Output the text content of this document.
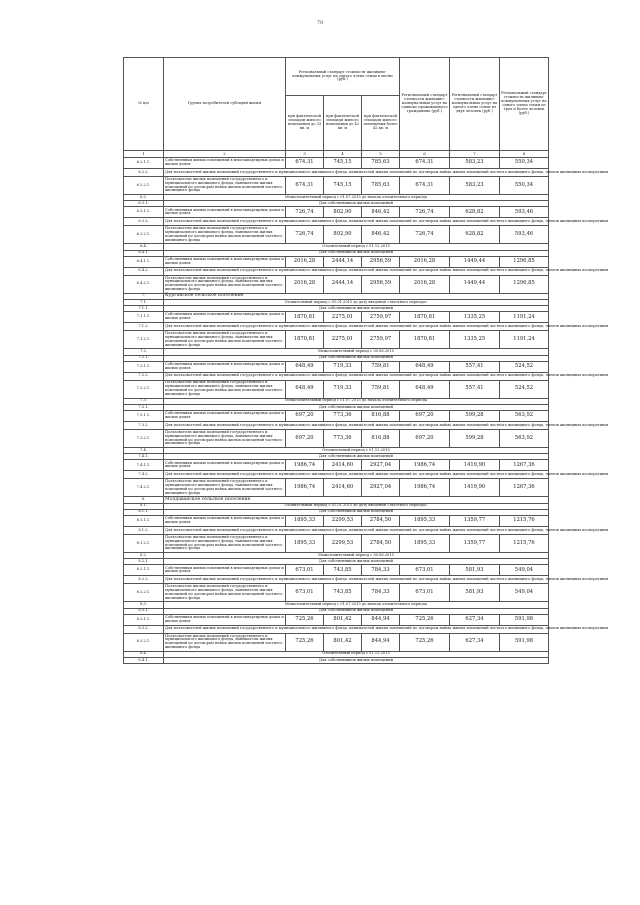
70
№ п/п	Группа потребителей субсидий жилья	Региональный стандарт стоимости жилищно-коммунальных услуг на одного члена семьи в месяц (руб.)			Региональный стандарт стоимости жилищно-коммунальных услуг на одиноко проживающего гражданина (руб.)	Региональный стандарт стоимости жилищно-коммунальных услуг на одного члена семьи из двух человек (руб.)	Региональный стандарт стоимости жилищно-коммунальных услуг на одного члена семьи из трех и более человек (руб.)
		при фактической площади жилого помещения до 33 кв. м	при фактической площади жилого помещения до 42 кв. м	при фактической площади жилого помещения более 42 кв. м			
1	2	3	4	5	6	7	8
6.2.1.1.	Собственники жилых помещений в многоквартирных домах и жилых домов	674,31	745,15	785,63	674,31	583,23	550,34
6.2.2.	Для пользователей жилых помещений государственного и муниципального жилищного фонда, нанимателей жилых помещений по договорам найма жилых помещений частного жилищного фонда, членов жилищных кооперативов						
6.2.2.1.	Пользователи жилых помещений государственного и муниципального жилищного фонда, наниматели жилых помещений по договорам найма жилых помещений частного жилищного фонда	674,31	745,15	785,63	674,31	583,23	550,34
6.3.	Межотопительный период с 01.07.2015 до начала отопительного периода						
6.3.1.	Для собственников жилых помещений						
6.3.1.1.	Собственники жилых помещений в многоквартирных домах и жилых домов	726,74	802,90	846,42	726,74	628,82	593,46
6.3.2.	Для пользователей жилых помещений государственного и муниципального жилищного фонда, нанимателей жилых помещений по договорам найма жилых помещений частного жилищного фонда, членов жилищных кооперативов						
6.3.2.1.	Пользователи жилых помещений государственного и муниципального жилищного фонда, наниматели жилых помещений по договорам найма жилых помещений частного жилищного фонда	726,74	802,90	846,42	726,74	628,82	593,46
6.4.	Отопительный период с 01.12.2015						
6.4.1.	Для собственников жилых помещений						
6.4.1.1.	Собственники жилых помещений в многоквартирных домах и жилых домов	2016,28	2444,14	2956,59	2016,28	1449,44	1296,85
6.4.2.	Для пользователей жилых помещений государственного и муниципального жилищного фонда, нанимателей жилых помещений по договорам найма жилых помещений частного жилищного фонда, членов жилищных кооперативов						
6.4.2.1.	Пользователи жилых помещений государственного и муниципального жилищного фонда, наниматели жилых помещений по договорам найма жилых помещений частного жилищного фонда	2016,28	2444,14	2956,59	2016,28	1449,44	1296,85
7.	Курганское сельское поселение						
7.1.	Отопительный период с 01.01.2015 до дату введения «льготного периода»						
7.1.1.	Для собственников жилых помещений						
7.1.1.1.	Собственники жилых помещений в многоквартирных домах и жилых домов	1870,81	2275,01	2759,97	1870,81	1335,25	1191,24
7.1.2.	Для пользователей жилых помещений государственного и муниципального жилищного фонда, нанимателей жилых помещений по договорам найма жилых помещений частного жилищного фонда, членов жилищных кооперативов						
7.1.2.1.	Пользователи жилых помещений государственного и муниципального жилищного фонда, наниматели жилых помещений по договорам найма жилых помещений частного жилищного фонда	1870,81	2275,01	2759,97	1870,81	1335,25	1191,24
7.2.	Межотопительный период с 30.06.2015						
7.2.1.	Для собственников жилых помещений						
7.2.1.1.	Собственники жилых помещений в многоквартирных домах и жилых домов	648,49	719,33	759,81	648,49	557,41	524,52
7.2.2.	Для пользователей жилых помещений государственного и муниципального жилищного фонда, нанимателей жилых помещений по договорам найма жилых помещений частного жилищного фонда, членов жилищных кооперативов						
7.2.2.1.	Пользователи жилых помещений государственного и муниципального жилищного фонда, наниматели жилых помещений по договорам найма жилых помещений частного жилищного фонда	648,49	719,33	759,81	648,49	557,41	524,52
7.3.	Межотопительный период с 01.07.2015 до начала отопительного периода						
7.3.1.	Для собственников жилых помещений						
7.3.1.1.	Собственники жилых помещений в многоквартирных домах и жилых домов	697,20	773,36	816,88	697,20	599,28	563,92
7.3.2.	Для пользователей жилых помещений государственного и муниципального жилищного фонда, нанимателей жилых помещений по договорам найма жилых помещений частного жилищного фонда, членов жилищных кооперативов						
7.3.2.1.	Пользователи жилых помещений государственного и муниципального жилищного фонда, наниматели жилых помещений по договорам найма жилых помещений частного жилищного фонда	697,20	773,36	816,88	697,20	599,28	563,92
7.4.	Отопительный период с 01.12.2015						
7.4.1.	Для собственников жилых помещений						
7.4.1.1.	Собственники жилых помещений в многоквартирных домах и жилых домов	1986,74	2414,60	2927,04	1986,74	1419,90	1267,36
7.4.2.	Для пользователей жилых помещений государственного и муниципального жилищного фонда, нанимателей жилых помещений по договорам найма жилых помещений частного жилищного фонда, членов жилищных кооперативов						
7.4.2.1.	Пользователи жилых помещений государственного и муниципального жилищного фонда, наниматели жилых помещений по договорам найма жилых помещений частного жилищного фонда	1986,74	2414,60	2927,04	1986,74	1419,90	1267,36
8.	Молдаванское сельское поселение						
8.1.	Отопительный период с 01.01.2015 до дату введения «льготного периода»						
8.1.1.	Для собственников жилых помещений						
8.1.1.1.	Собственники жилых помещений в многоквартирных домах и жилых домов	1895,33	2299,53	2784,50	1895,33	1359,77	1215,76
8.1.2.	Для пользователей жилых помещений государственного и муниципального жилищного фонда, нанимателей жилых помещений по договорам найма жилых помещений частного жилищного фонда, членов жилищных кооперативов						
8.1.2.1.	Пользователи жилых помещений государственного и муниципального жилищного фонда, наниматели жилых помещений по договорам найма жилых помещений частного жилищного фонда	1895,33	2299,53	2784,50	1895,33	1359,77	1215,76
8.2.	Межотопительный период с 30.06.2015						
8.2.1.	Для собственников жилых помещений						
8.2.1.1.	Собственники жилых помещений в многоквартирных домах и жилых домов	673,01	743,85	784,33	673,01	581,93	549,04
8.2.2.	Для пользователей жилых помещений государственного и муниципального жилищного фонда, нанимателей жилых помещений по договорам найма жилых помещений частного жилищного фонда, членов жилищных кооперативов						
8.2.2.1.	Пользователи жилых помещений государственного и муниципального жилищного фонда, наниматели жилых помещений по договорам найма жилых помещений частного жилищного фонда	673,01	743,85	784,33	673,01	581,93	549,04
8.3.	Межотопительный период с 01.07.2015 до начала отопительного периода						
8.3.1.	Для собственников жилых помещений						
8.3.1.1.	Собственники жилых помещений в многоквартирных домах и жилых домов	725,26	801,42	844,94	725,26	627,34	591,98
8.3.2.	Для пользователей жилых помещений государственного и муниципального жилищного фонда, нанимателей жилых помещений по договорам найма жилых помещений частного жилищного фонда, членов жилищных кооперативов						
8.3.2.1.	Пользователи жилых помещений государственного и муниципального жилищного фонда, наниматели жилых помещений по договорам найма жилых помещений частного жилищного фонда	725,26	801,42	844,94	725,26	627,34	591,98
8.4.	Отопительный период с 01.12.2015						
8.4.1.	Для собственников жилых помещений						
